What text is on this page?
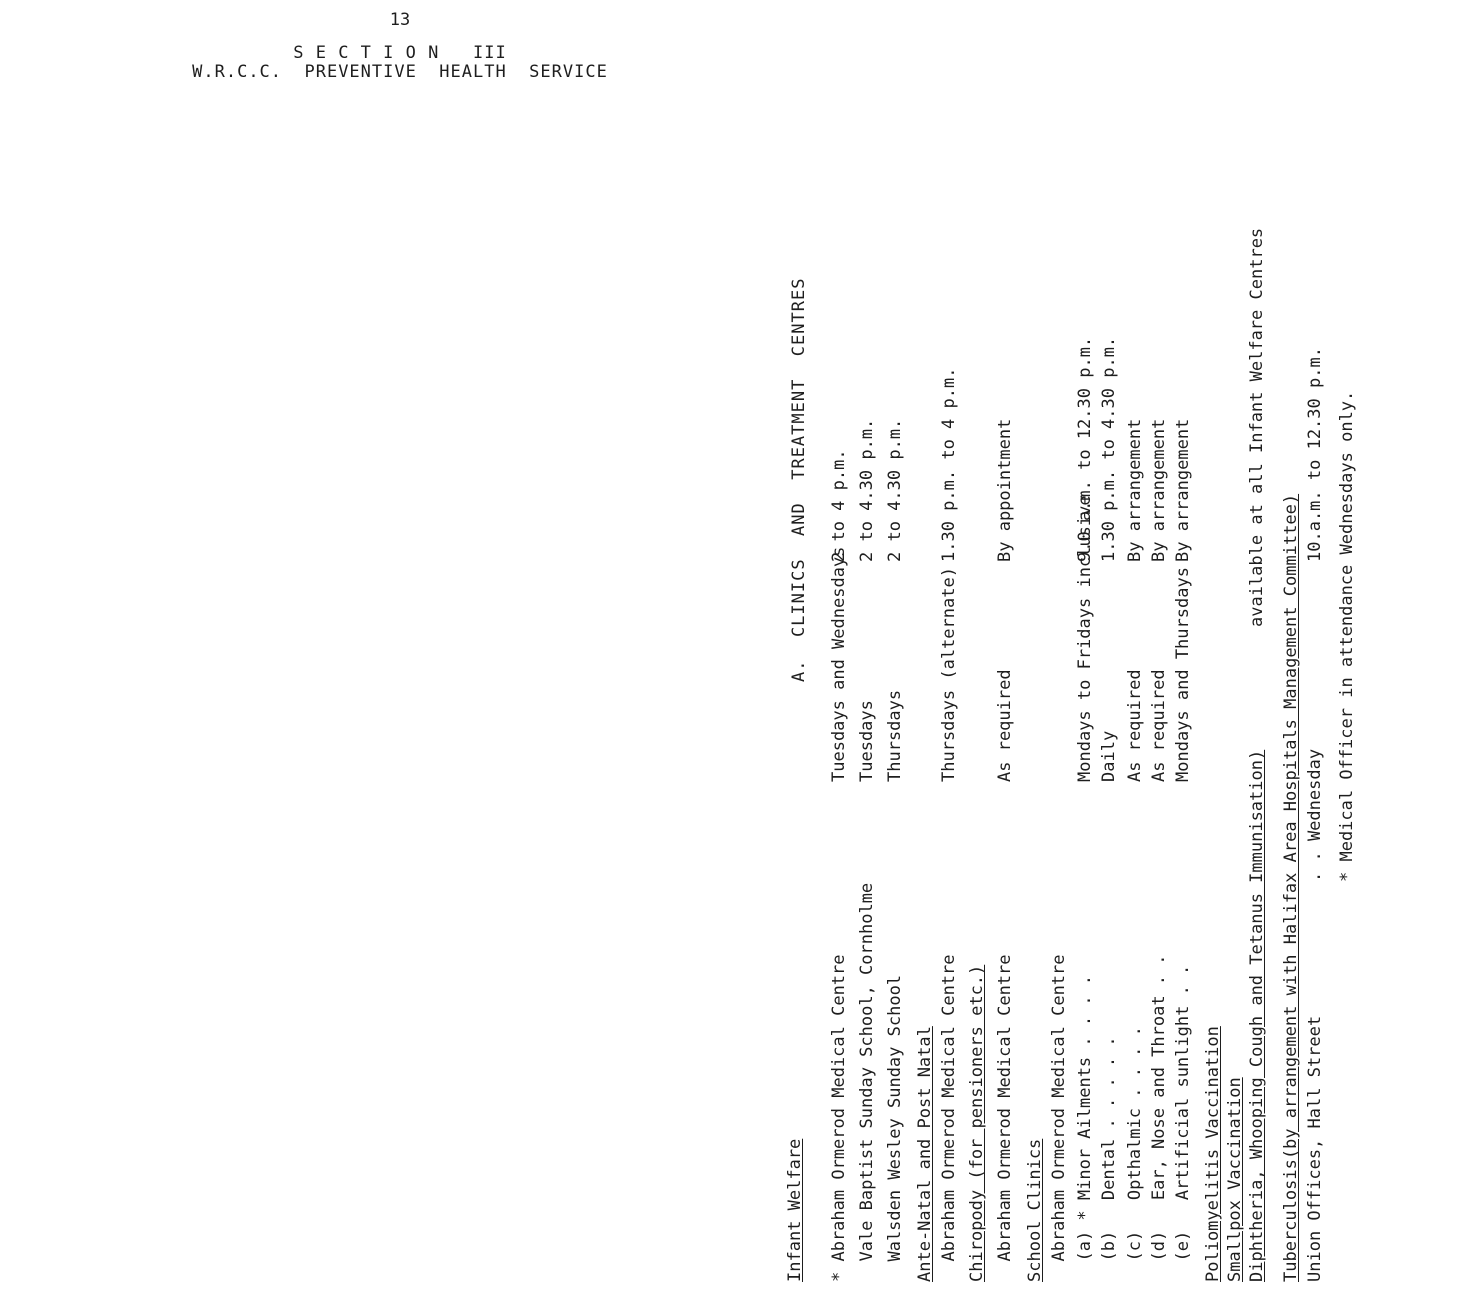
13
S E C T I O N   III
W.R.C.C.  PREVENTIVE  HEALTH  SERVICE
A.  CLINICS  AND  TREATMENT  CENTRES
Infant Welfare * Abraham Ormerod Medical Centre
Tuesdays and Wednesdays
2 to 4 p.m.
Vale Baptist Sunday School, Cornholme
Tuesdays
2 to 4.30 p.m.
Walsden Wesley Sunday School
Thursdays
2 to 4.30 p.m.
Ante-Natal and Post Natal Abraham Ormerod Medical Centre
Thursdays (alternate)
1.30 p.m. to 4 p.m.
Chiropody (for pensioners etc.) Abraham Ormerod Medical Centre
As required
By appointment
School Clinics Abraham Ormerod Medical Centre (a) * Minor Ailments . . . .
Mondays to Fridays inclusive
9.0 a.m. to 12.30 p.m.
(b)   Dental . . . . .
Daily
1.30 p.m. to 4.30 p.m.
(c)   Opthalmic . . . .
As required
By arrangement
(d)   Ear, Nose and Throat . .
As required
By arrangement
(e)   Artificial sunlight . .
Mondays and Thursdays
By arrangement
Poliomyelitis Vaccination Smallpox Vaccination Diphtheria, Whooping Cough and Tetanus Immunisation)
available at all Infant Welfare Centres
Tuberculosis(by arrangement with Halifax Area Hospitals Management Committee) Union Offices, Hall Street
. . Wednesday
10.a.m. to 12.30 p.m. * Medical Officer in attendance Wednesdays only.
